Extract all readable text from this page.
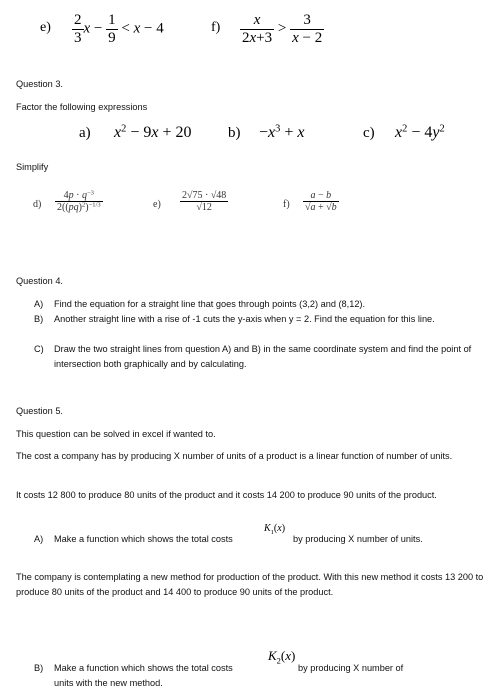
$e) \frac{2}{3}$ $x - \frac{1}{9} < x - 4$	$f) \frac{x}{2x+3} > \frac{3}{x - 2}$
Question 3.
Factor the following expressions
a) $x^2 - 9x + 20$ $b) -x^3 + x$	c) $x^2 - 4y^2$
Simplify
$d) \frac{4p \cdot q^{-3}}{2((pq)^2)^{-1/3}}$	$e) \frac{2√75 \cdot √48}{√12}$	$f) \frac{a - b}{√a + √b}$
Question 4.
A) Find the equation for a straight line that goes through points (3,2) and (8,12).
B) Another straight line with a rise of -1 cuts the y-axis when y = 2. Find the equation for this line.
C) Draw the two straight lines from question A) and B) in the same coordinate system and find the point of intersection both graphically and by calculating.
Question 5.
This question can be solved in excel if wanted to.
The cost a company has by producing X number of units of a product is a linear function of number of units.
It costs 12 800 to produce 80 units of the product and it costs 14 200 to produce 90 units of the product.
A) Make a function which shows the total costs
$K_1(x)$
by producing X number of units.
The company is contemplating a new method for production of the product. With this new method it costs 13 200 to produce 80 units of the product and 14 400 to produce 90 units of the product.
$K_2(x)$
B) Make a function which shows the total costs	by producing X number of
units with the new method.
